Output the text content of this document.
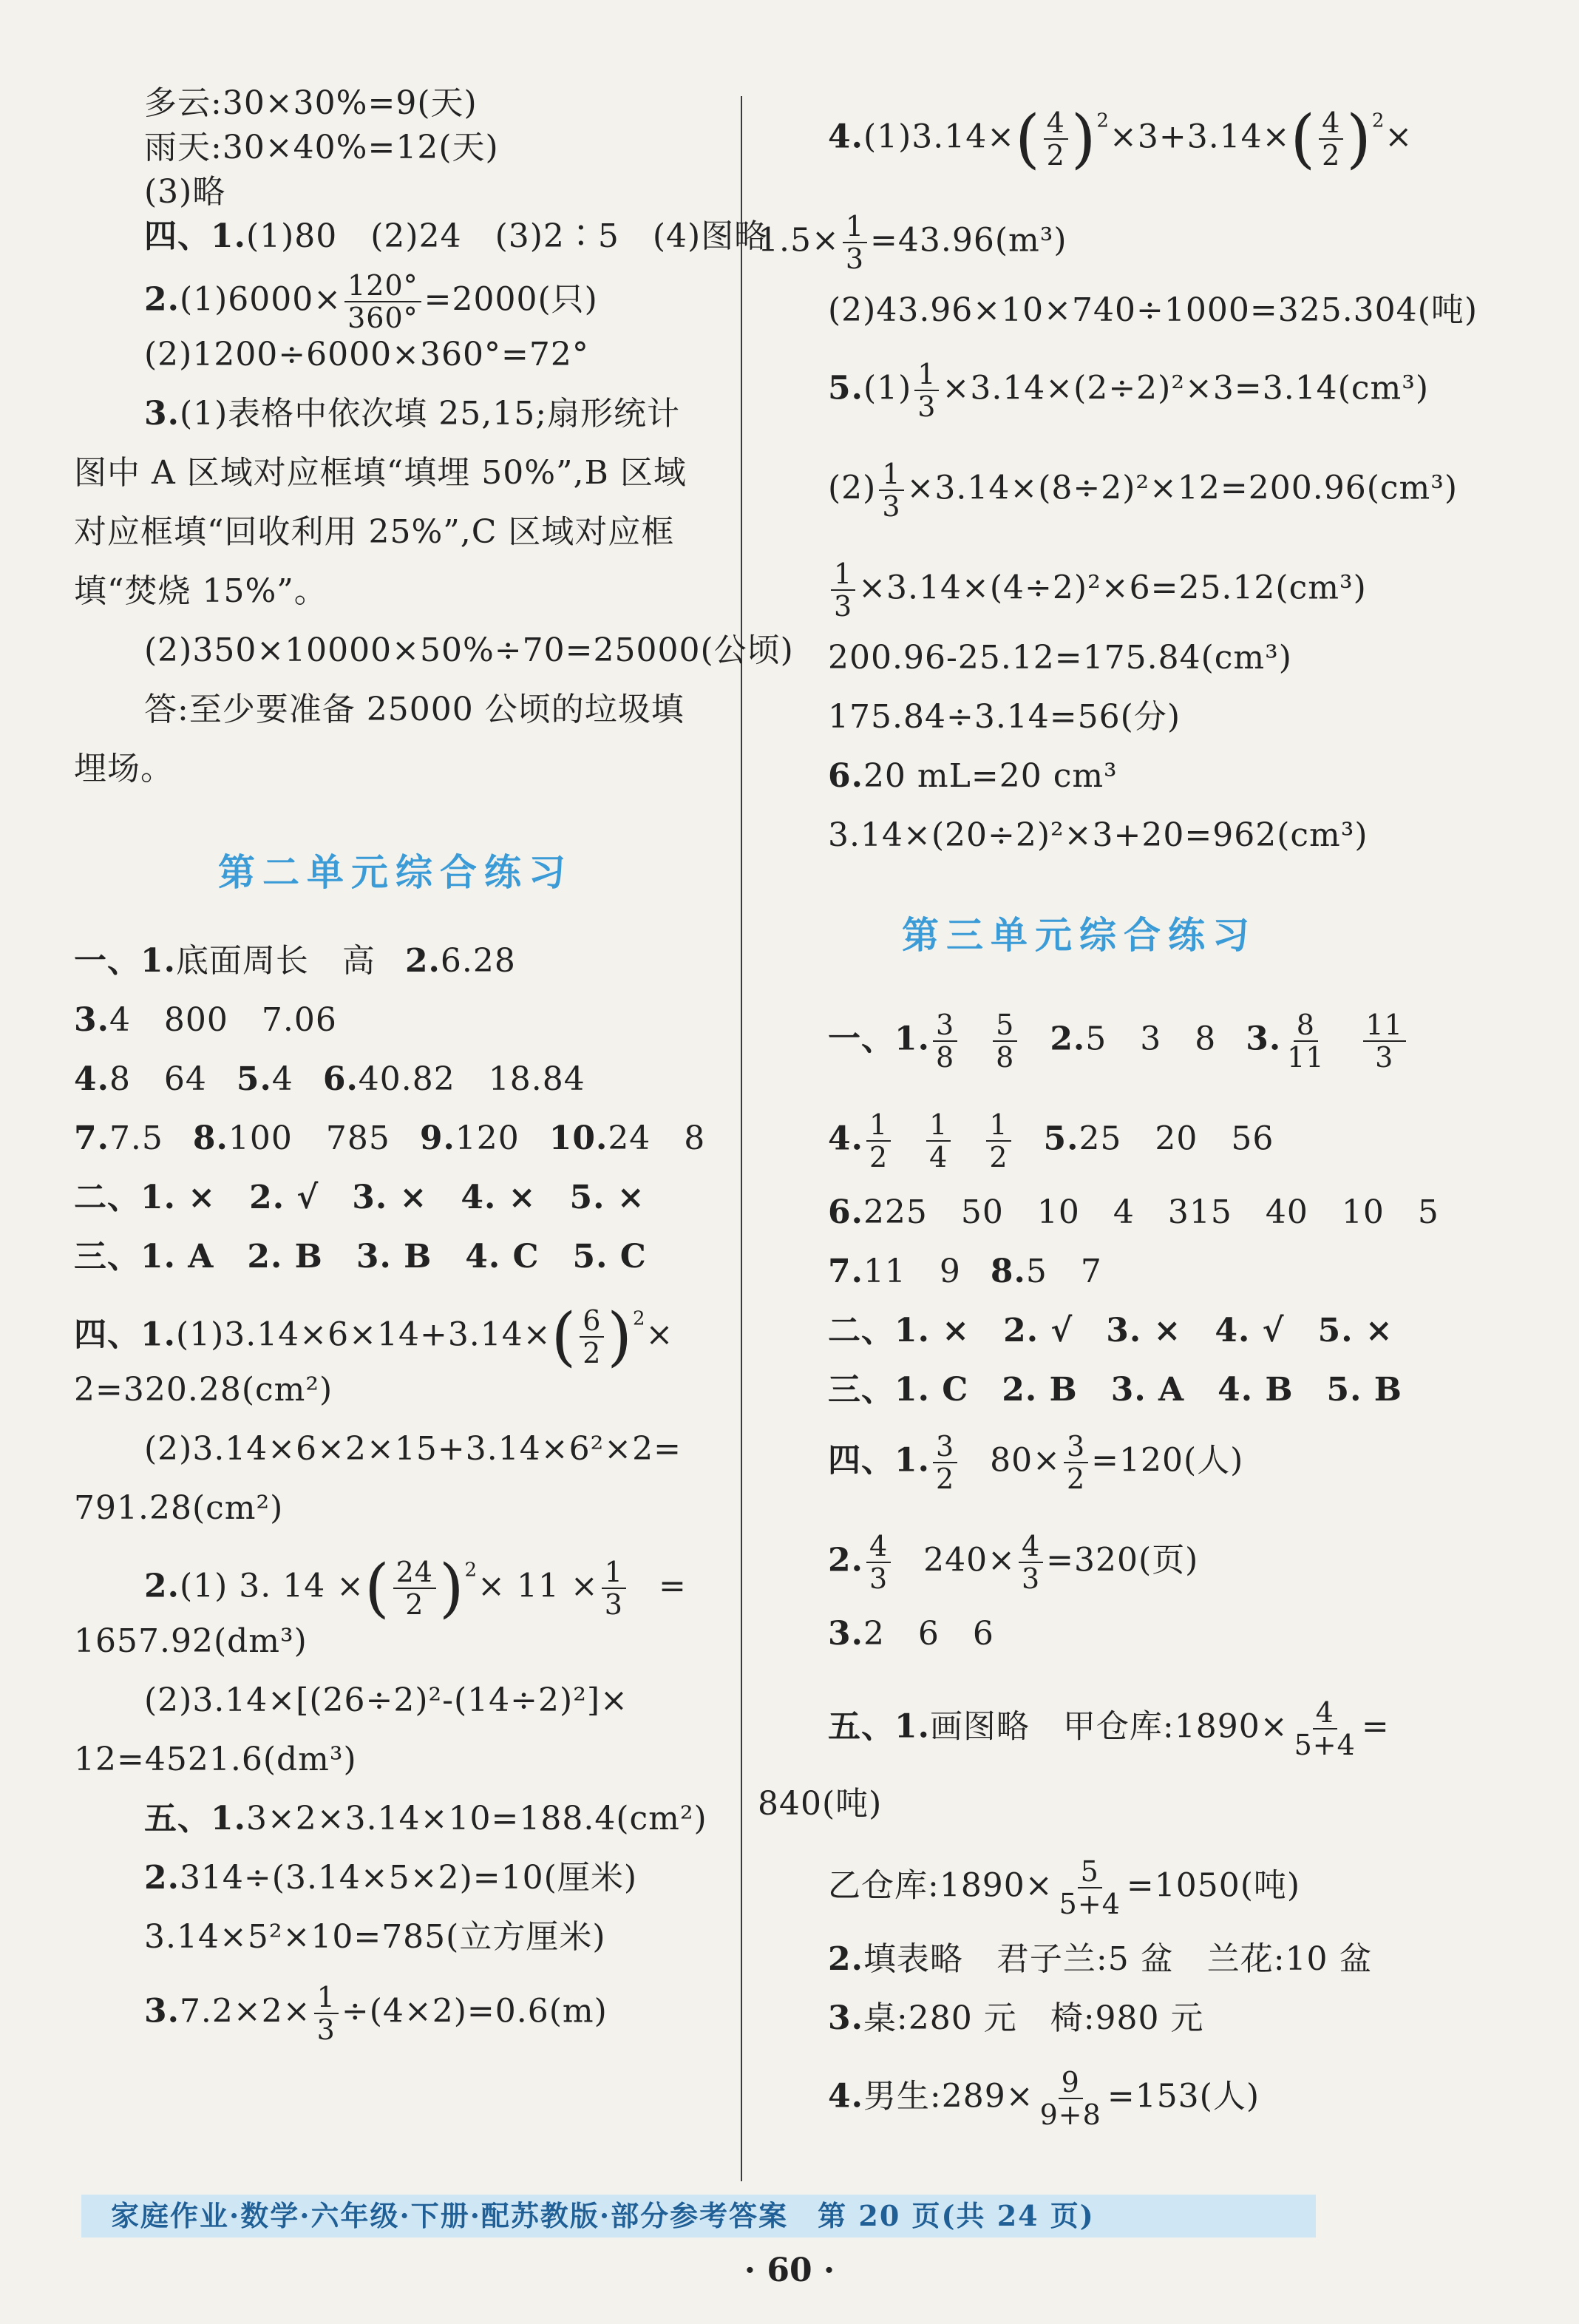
多云:30×30%=9(天)
雨天:30×40%=12(天)
(3)略
四、1.(1)80　(2)24　(3)2∶5　(4)图略
$2.(1)6000\times \frac{120^\circ}{360^\circ} =2000$(只)
(2)1200÷6000×360°=72°
3.(1)表格中依次填 25,15;扇形统计
图中 A 区域对应框填“填埋 50%”,B 区域
对应框填“回收利用 25%”,C 区域对应框
填“焚烧 15%”。
(2)350×10000×50%÷70=25000(公顷)
答:至少要准备 25000 公顷的垃圾填
埋场。
第二单元综合练习
一、1.底面周长　高 2.6.28
3.4　800　7.06
4.8　64 5.4 6.40.82　18.84
7.7.5 8.100　785 9.120 10.24　8
二、1. ×　2. √　3. ×　4. ×　5. ×
三、1. A　2. B　3. B　4. C　5. C
四、$1.(1)3.14\times 6\times 14+3.14\times( \frac{6}{2} )^2\times$
2=320.28(cm²)
(2)3.14×6×2×15+3.14×6²×2=
791.28(cm²)
2.(1) 3. 14 ×( $\frac{24}{2} )^2\times 11 \times \frac{1}{3}$ =
1657.92(dm³)
(2)3.14×[(26÷2)²-(14÷2)²]×
12=4521.6(dm³)
五、1.3×2×3.14×10=188.4(cm²)
2.314÷(3.14×5×2)=10(厘米)
3.14×5²×10=785(立方厘米)
$3.7.2\times 2\times \frac{1}{3} \div(4\times 2)=0.6(m)$
$4.(1)3.14\times( \frac{4}{2} )^2\times 3+3.14\times( \frac{4}{2} )^2\times$
$1.5\times \frac{1}{3} =43.96(m^3)$
(2)43.96×10×740÷1000=325.304(吨)
$5.(1) \frac{1}{3} \times 3.14\times(2\div 2)^2\times 3=3.14(cm^3)$
$(2) \frac{1}{3} \times 3.14\times(8\div 2)^2\times 12=200.96(cm^3)$
$\frac{1}{3} \times 3.14\times(4\div 2)^2\times 6=25.12(cm^3)$
200.96-25.12=175.84(cm³)
175.84÷3.14=56(分)
6.20 mL=20 cm³
3.14×(20÷2)²×3+20=962(cm³)
第三单元综合练习
一、1. $\frac{3}{8} \frac{5}{8} 2.5$　3　8 3. $\frac{8}{11} \frac{11}{3}$
4. $\frac{1}{2} \frac{1}{4} \frac{1}{2} 5.25$　20　56
6.225　50　10　4　315　40　10　5
7.11　9 8.5　7
二、1. ×　2. √　3. ×　4. √　5. ×
三、1. C　2. B　3. A　4. B　5. B
四、1. $\frac{3}{2} 80\times \frac{3}{2} =120$(人)
2. $\frac{4}{3} 240\times \frac{4}{3} =320$(页)
3.2　6　6
五、1.画图略　甲仓库:1890× $\frac{4}{5+4}$ =
840(吨)
乙仓库:1890× $\frac{5}{5+4} =1050$(吨)
2.填表略　君子兰:5 盆　兰花:10 盆
3.桌:280 元　椅:980 元
4.男生:289× $\frac{9}{9+8} =153$(人)
家庭作业·数学·六年级·下册·配苏教版·部分参考答案　第 20 页(共 24 页)
· 60 ·
